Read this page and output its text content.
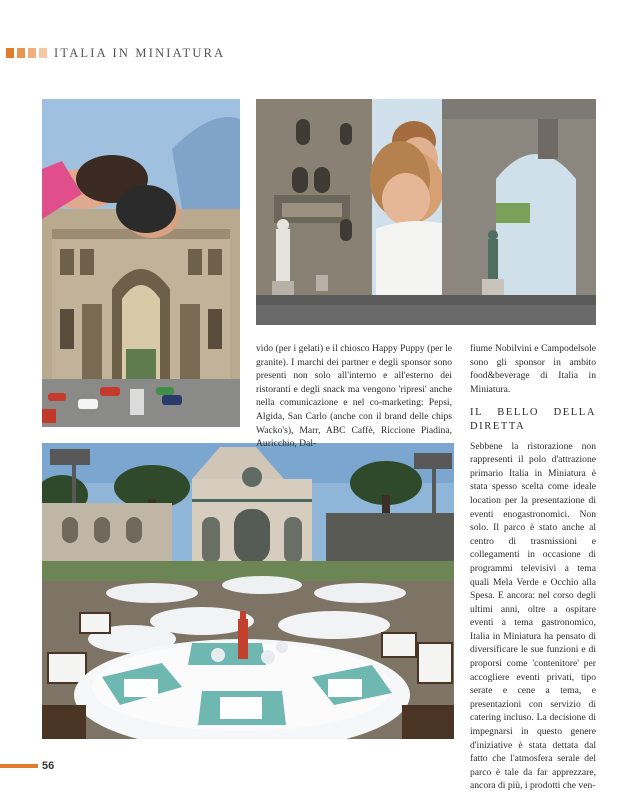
ITALIA IN MINIATURA

vido (per i gelati) e il chiosco Happy Puppy (per le granite). I marchi dei partner e degli sponsor sono presenti non solo all'interno e all'esterno dei ristoranti e degli snack ma vengono 'ripresi' anche nella comunicazione e nel co-marketing: Pepsi, Algida, San Carlo (anche con il brand delle chips Wacko's), Marr, ABC Caffè, Riccione Piadina, Auricchio, Dal-

fiume Nobilvini e Campodelsole sono gli sponsor in ambito food&beverage di Italia in Miniatura.

IL BELLO DELLA DIRETTA

Sebbene la ristorazione non rappresenti il polo d'attrazione primario Italia in Miniatura è stata spesso scelta come ideale location per la presentazione di eventi enogastronomici. Non solo. Il parco è stato anche al centro di trasmissioni e collegamenti in occasione di programmi televisivi a tema quali Mela Verde e Occhio alla Spesa. E ancora: nel corso degli ultimi anni, oltre a ospitare eventi a tema gastronomico, Italia in Miniatura ha pensato di diversificare le sue funzioni e di proporsi come 'contenitore' per accogliere eventi privati, tipo serate e cene a tema, e presentazioni con servizio di catering incluso. La decisione di impegnarsi in questo genere d'iniziative è stata dettata dal fatto che l'atmosfera serale del parco è tale da far apprezzare, ancora di più, i prodotti che ven-

56
